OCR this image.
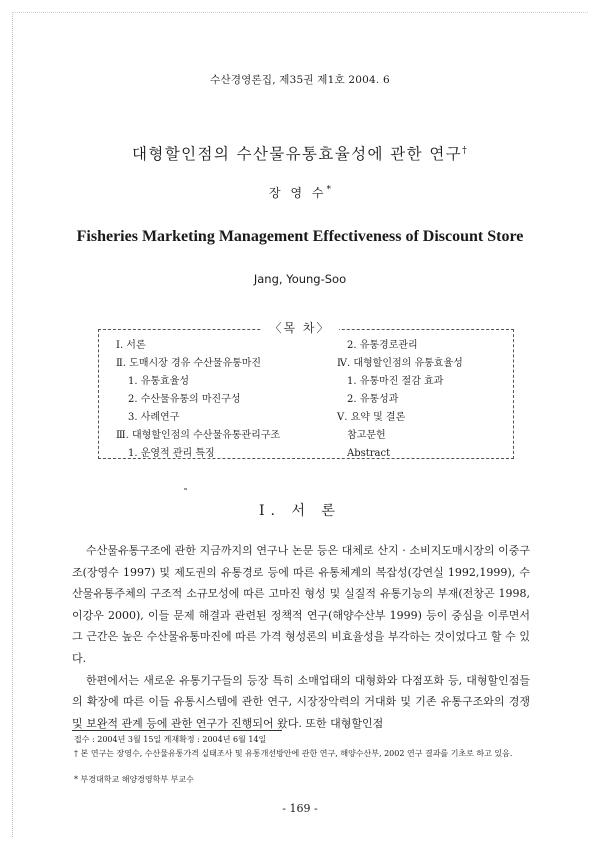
수산경영론집, 제35권 제1호 2004. 6
대형할인점의 수산물유통효율성에 관한 연구†
장 영 수*
Fisheries Marketing Management Effectiveness of Discount Store
Jang, Young-Soo
〈목 차〉
Ⅰ. 서론
Ⅱ. 도매시장 경유 수산물유통마진
1. 유통효율성
2. 수산물유통의 마진구성
3. 사례연구
Ⅲ. 대형할인점의 수산물유통관리구조
1. 운영적 관리 특징
2. 유통경로관리
Ⅳ. 대형할인점의 유통효율성
1. 유통마진 절감 효과
2. 유통성과
Ⅴ. 요약 및 결론
참고문헌
Abstract
Ⅰ. 서 론

수산물유통구조에 관한 지금까지의 연구나 논문 등은 대체로 산지 · 소비지도매시장의 이중구조(장영수 1997) 및 제도권의 유통경로 등에 따른 유통체계의 복잡성(강연실 1992,1999), 수산물유통주체의 구조적 소규모성에 따른 고마진 형성 및 실질적 유통기능의 부재(전창곤 1998, 이강우 2000), 이들 문제 해결과 관련된 정책적 연구(해양수산부 1999) 등이 중심을 이루면서 그 근간은 높은 수산물유통마진에 따른 가격 형성론의 비효율성을 부각하는 것이었다고 할 수 있다.

한편에서는 새로운 유통기구들의 등장 특히 소매업태의 대형화와 다점포화 등, 대형할인점들의 확장에 따른 이들 유통시스템에 관한 연구, 시장장악력의 거대화 및 기존 유통구조와의 경쟁 및 보완적 관계 등에 관한 연구가 진행되어 왔다. 또한 대형할인점

접수 : 2004년 3월 15일 게재확정 : 2004년 6월 14일
† 본 연구는 장영수, 수산물유통가격 실태조사 및 유통개선방안에 관한 연구, 해양수산부, 2002 연구 결과를 기초로 하고 있음.
* 부경대학교 해양경영학부 부교수
- 169 -
